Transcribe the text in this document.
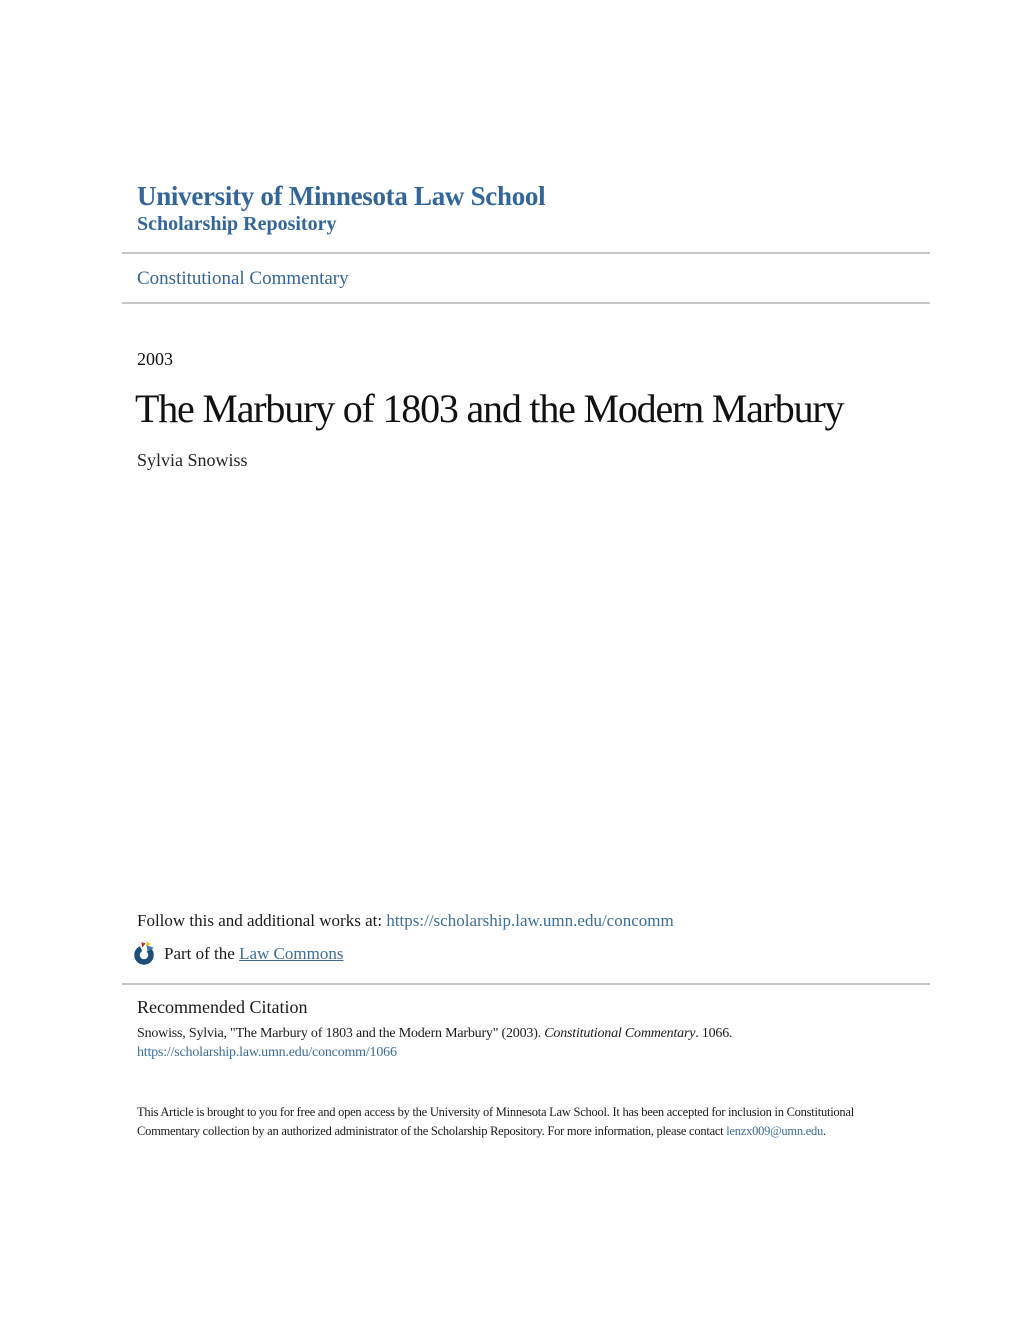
University of Minnesota Law School
Scholarship Repository
Constitutional Commentary
2003
The Marbury of 1803 and the Modern Marbury
Sylvia Snowiss
Follow this and additional works at: https://scholarship.law.umn.edu/concomm
Part of the Law Commons
Recommended Citation
Snowiss, Sylvia, "The Marbury of 1803 and the Modern Marbury" (2003). Constitutional Commentary. 1066.
https://scholarship.law.umn.edu/concomm/1066
This Article is brought to you for free and open access by the University of Minnesota Law School. It has been accepted for inclusion in Constitutional
Commentary collection by an authorized administrator of the Scholarship Repository. For more information, please contact lenzx009@umn.edu.
